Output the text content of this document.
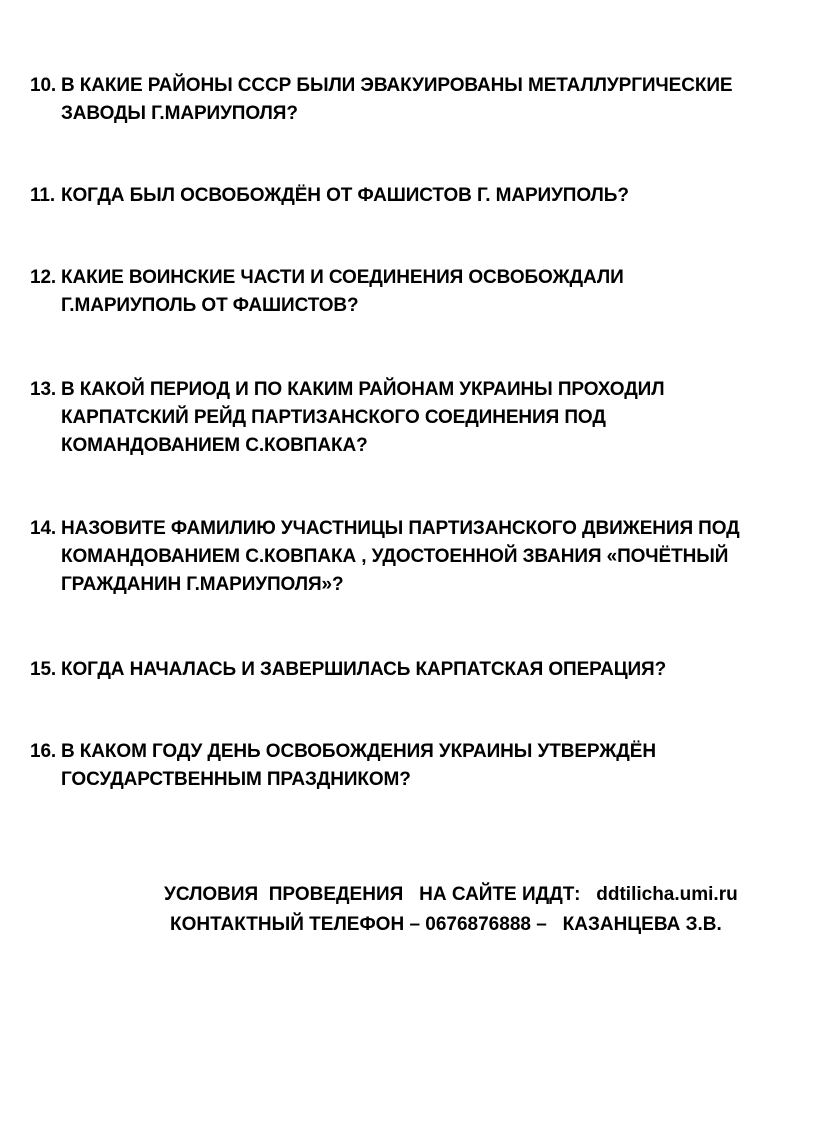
10. В КАКИЕ РАЙОНЫ СССР БЫЛИ ЭВАКУИРОВАНЫ МЕТАЛЛУРГИЧЕСКИЕ
ЗАВОДЫ Г.МАРИУПОЛЯ?
11. КОГДА БЫЛ ОСВОБОЖДЁН ОТ ФАШИСТОВ Г. МАРИУПОЛЬ?
12. КАКИЕ ВОИНСКИЕ ЧАСТИ И СОЕДИНЕНИЯ ОСВОБОЖДАЛИ
Г.МАРИУПОЛЬ ОТ ФАШИСТОВ?
13. В КАКОЙ ПЕРИОД И ПО КАКИМ РАЙОНАМ УКРАИНЫ ПРОХОДИЛ
КАРПАТСКИЙ РЕЙД ПАРТИЗАНСКОГО СОЕДИНЕНИЯ ПОД
КОМАНДОВАНИЕМ С.КОВПАКА?
14. НАЗОВИТЕ ФАМИЛИЮ УЧАСТНИЦЫ ПАРТИЗАНСКОГО ДВИЖЕНИЯ ПОД
КОМАНДОВАНИЕМ С.КОВПАКА , УДОСТОЕННОЙ ЗВАНИЯ «ПОЧЁТНЫЙ
ГРАЖДАНИН Г.МАРИУПОЛЯ»?
15. КОГДА НАЧАЛАСЬ И ЗАВЕРШИЛАСЬ КАРПАТСКАЯ ОПЕРАЦИЯ?
16. В КАКОМ ГОДУ ДЕНЬ ОСВОБОЖДЕНИЯ УКРАИНЫ УТВЕРЖДЁН
ГОСУДАРСТВЕННЫМ ПРАЗДНИКОМ?
УСЛОВИЯ  ПРОВЕДЕНИЯ   НА САЙТЕ ИДДТ:   ddtilicha.umi.ru
КОНТАКТНЫЙ ТЕЛЕФОН – 0676876888 –   КАЗАНЦЕВА З.В.
